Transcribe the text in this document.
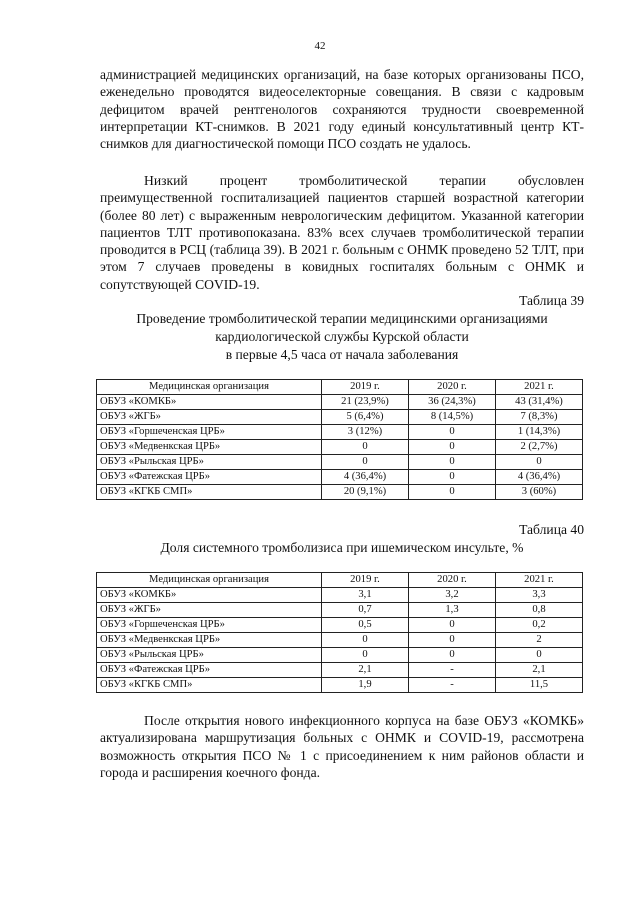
42

администрацией медицинских организаций, на базе которых организованы ПСО, еженедельно проводятся видеоселекторные совещания. В связи с кадровым дефицитом врачей рентгенологов сохраняются трудности своевременной интерпретации КТ-снимков. В 2021 году единый консультативный центр КТ-снимков для диагностической помощи ПСО создать не удалось.

Низкий процент тромболитической терапии обусловлен преимущественной госпитализацией пациентов старшей возрастной категории (более 80 лет) с выраженным неврологическим дефицитом. Указанной категории пациентов ТЛТ противопоказана. 83% всех случаев тромболитической терапии проводится в РСЦ (таблица 39). В 2021 г. больным с ОНМК проведено 52 ТЛТ, при этом 7 случаев проведены в ковидных госпиталях больным с ОНМК и сопутствующей COVID-19.

Таблица 39
Проведение тромболитической терапии медицинскими организациями
кардиологической службы Курской области
в первые 4,5 часа от начала заболевания
Медицинская организация	2019 г.	2020 г.	2021 г.
ОБУЗ «КОМКБ»	21 (23,9%)	36 (24,3%)	43 (31,4%)
ОБУЗ «ЖГБ»	5 (6,4%)	8 (14,5%)	7 (8,3%)
ОБУЗ «Горшеченская ЦРБ»	3 (12%)	0	1 (14,3%)
ОБУЗ «Медвенкская ЦРБ»	0	0	2 (2,7%)
ОБУЗ «Рыльская ЦРБ»	0	0	0
ОБУЗ «Фатежская ЦРБ»	4 (36,4%)	0	4 (36,4%)
ОБУЗ «КГКБ СМП»	20 (9,1%)	0	3 (60%)
Таблица 40
Доля системного тромболизиса при ишемическом инсульте, %
Медицинская организация	2019 г.	2020 г.	2021 г.
ОБУЗ «КОМКБ»	3,1	3,2	3,3
ОБУЗ «ЖГБ»	0,7	1,3	0,8
ОБУЗ «Горшеченская ЦРБ»	0,5	0	0,2
ОБУЗ «Медвенкская ЦРБ»	0	0	2
ОБУЗ «Рыльская ЦРБ»	0	0	0
ОБУЗ «Фатежская ЦРБ»	2,1	-	2,1
ОБУЗ «КГКБ СМП»	1,9	-	11,5

После открытия нового инфекционного корпуса на базе ОБУЗ «КОМКБ» актуализирована маршрутизация больных с ОНМК и COVID-19, рассмотрена возможность открытия ПСО № 1 с присоединением к ним районов области и города и расширения коечного фонда.
